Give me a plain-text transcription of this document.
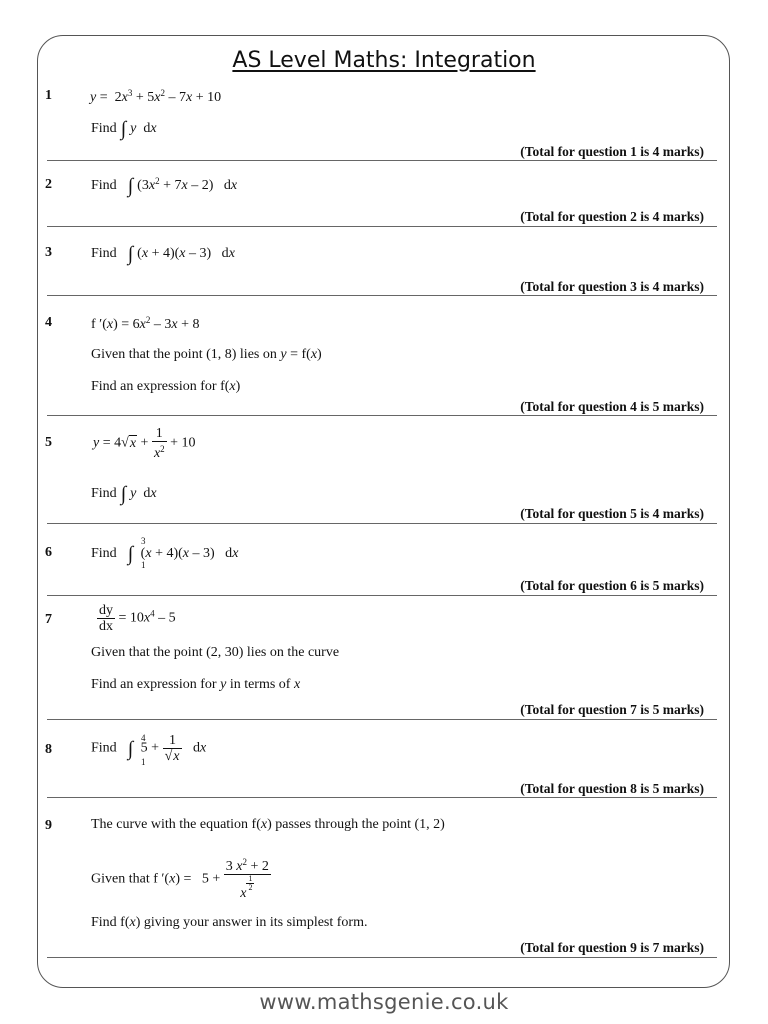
AS Level Maths: Integration
1	$y = 2x^3 + 5x^2 - 7x + 10$
Find ∫ y  dx
(Total for question 1 is 4 marks)
2	Find ∫ $(3x^2 + 7x - 2)$   dx
(Total for question 2 is 4 marks)
3	Find ∫ (x + 4)(x – 3)   dx
(Total for question 3 is 4 marks)
4	f $'(x) = 6x^2 - 3x + 8$
Given that the point (1, 8) lies on y = f(x)
Find an expression for f(x)
(Total for question 4 is 5 marks)
5	$y = 4√x + \frac{1}{x^2} + 10$
Find ∫ y  dx
(Total for question 5 is 4 marks)
6	Find ∫ (x + 4)(x – 3)   dx
3
1
(Total for question 6 is 5 marks)
7	$\frac{dy}{dx} = 10x^4 - 5$
Given that the point (2, 30) lies on the curve
Find an expression for y in terms of x
(Total for question 7 is 5 marks)
8	Find ∫ $5 + \frac{1}{√x}$ dx
4
1
(Total for question 8 is 5 marks)
9	The curve with the equation f(x) passes through the point (1, 2)
Given that f ′(x) = 5 + 3 $x^2 + 2$
x
$\frac{1}{2}$
Find f(x) giving your answer in its simplest form.
(Total for question 9 is 7 marks)
www.mathsgenie.co.uk
